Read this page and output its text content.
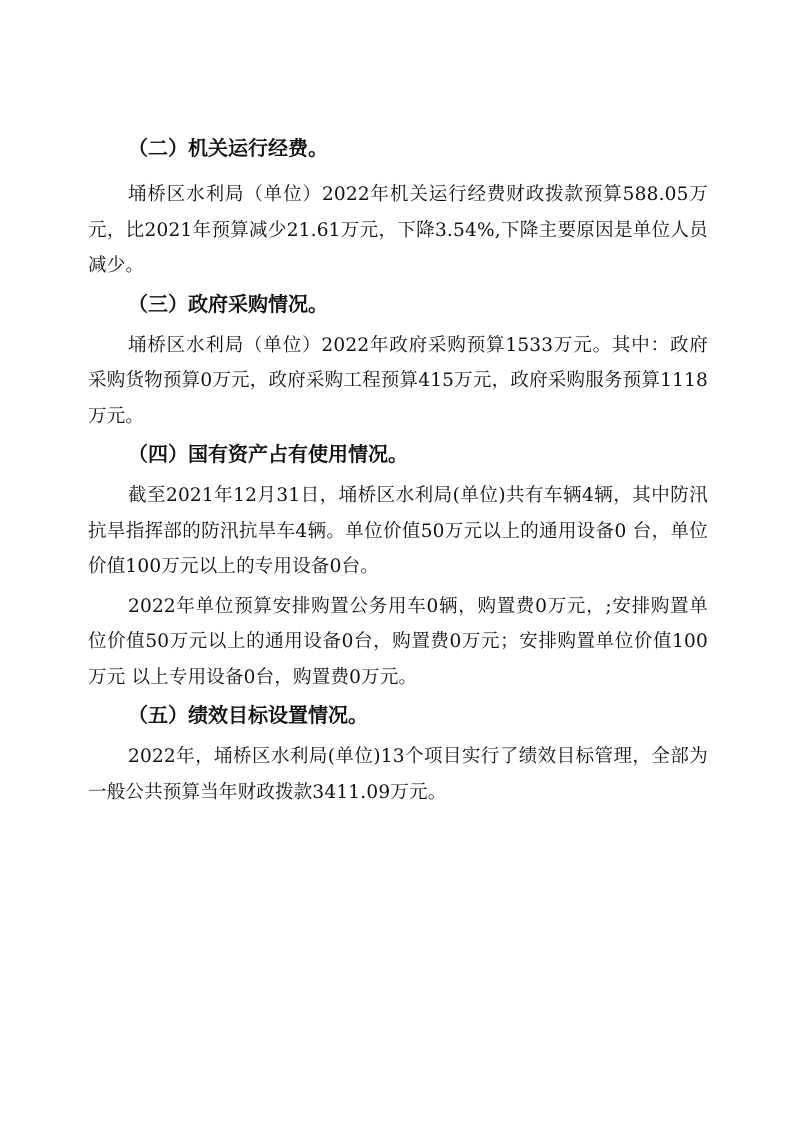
（二）机关运行经费。

埇桥区水利局（单位）2022年机关运行经费财政拨款预算588.05万元，比2021年预算减少21.61万元，下降3.54%,下降主要原因是单位人员减少。

（三）政府采购情况。

埇桥区水利局（单位）2022年政府采购预算1533万元。其中：政府采购货物预算0万元，政府采购工程预算415万元，政府采购服务预算1118万元。

（四）国有资产占有使用情况。

截至2021年12月31日，埇桥区水利局(单位)共有车辆4辆，其中防汛抗旱指挥部的防汛抗旱车4辆。单位价值50万元以上的通用设备0 台，单位价值100万元以上的专用设备0台。

2022年单位预算安排购置公务用车0辆，购置费0万元，;安排购置单位价值50万元以上的通用设备0台，购置费0万元；安排购置单位价值100万元 以上专用设备0台，购置费0万元。

（五）绩效目标设置情况。

2022年，埇桥区水利局(单位)13个项目实行了绩效目标管理，全部为一般公共预算当年财政拨款3411.09万元。
